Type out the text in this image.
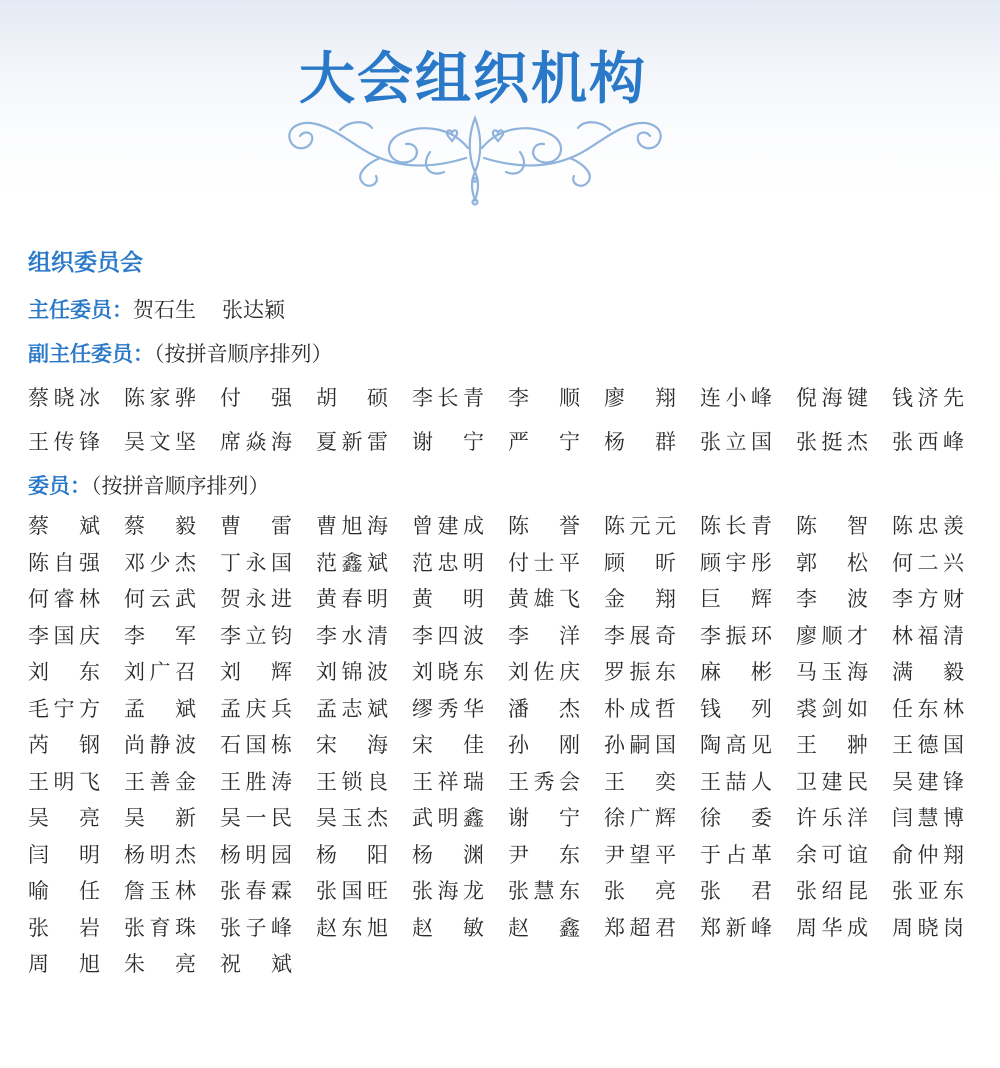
大会组织机构
组织委员会
主任委员：贺石生 张达颖
副主任委员：（按拼音顺序排列）
蔡晓冰	陈家骅	付　强	胡　硕	李长青	李　顺	廖　翔	连小峰	倪海键	钱济先
王传锋	吴文坚	席焱海	夏新雷	谢　宁	严　宁	杨　群	张立国	张挺杰	张西峰
委员：（按拼音顺序排列）
蔡　斌	蔡　毅	曹　雷	曹旭海	曾建成	陈　誉	陈元元	陈长青	陈　智	陈忠羡
陈自强	邓少杰	丁永国	范鑫斌	范忠明	付士平	顾　昕	顾宇彤	郭　松	何二兴
何睿林	何云武	贺永进	黄春明	黄　明	黄雄飞	金　翔	巨　辉	李　波	李方财
李国庆	李　军	李立钧	李水清	李四波	李　洋	李展奇	李振环	廖顺才	林福清
刘　东	刘广召	刘　辉	刘锦波	刘晓东	刘佐庆	罗振东	麻　彬	马玉海	满　毅
毛宁方	孟　斌	孟庆兵	孟志斌	缪秀华	潘　杰	朴成哲	钱　列	裘剑如	任东林
芮　钢	尚静波	石国栋	宋　海	宋　佳	孙　刚	孙嗣国	陶高见	王　翀	王德国
王明飞	王善金	王胜涛	王锁良	王祥瑞	王秀会	王　奕	王喆人	卫建民	吴建锋
吴　亮	吴　新	吴一民	吴玉杰	武明鑫	谢　宁	徐广辉	徐　委	许乐洋	闫慧博
闫　明	杨明杰	杨明园	杨　阳	杨　渊	尹　东	尹望平	于占革	余可谊	俞仲翔
喻　任	詹玉林	张春霖	张国旺	张海龙	张慧东	张　亮	张　君	张绍昆	张亚东
张　岩	张育珠	张子峰	赵东旭	赵　敏	赵　鑫	郑超君	郑新峰	周华成	周晓岗
周　旭	朱　亮	祝　斌
